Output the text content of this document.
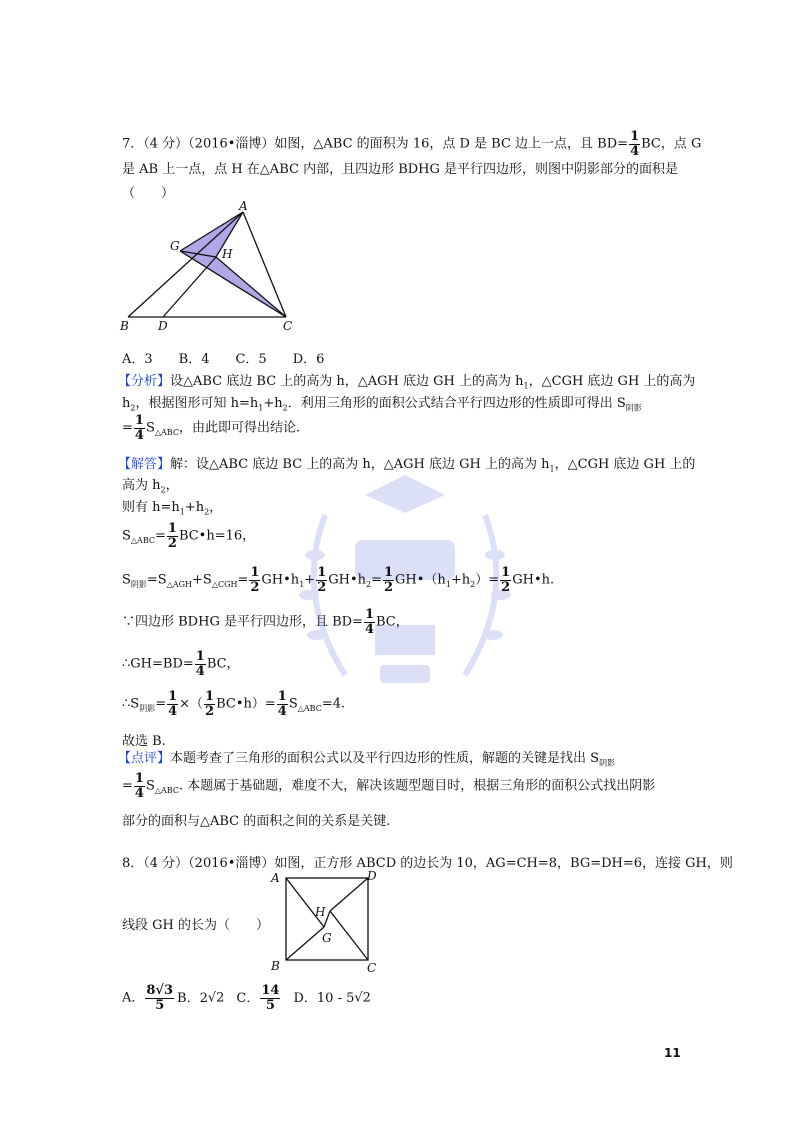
7．（4 分）（2016•淄博）如图，△ABC 的面积为 16，点 D 是 BC 边上一点，且 $BD= \frac{1}{4}$ BC，点 G
是 AB 上一点，点 H 在△ABC 内部，且四边形 BDHG 是平行四边形，则图中阴影部分的面积是
（　　）
A
G
H
B D	C
A．3　　B．4　　C．5　　D．6
【分析】设△ABC 底边 BC 上的高为 h，△AGH 底边 GH 上的高为 $h_1$，△CGH 底边 GH 上的高为
$h_2$，根据图形可知 $h=h_1+h_2$．利用三角形的面积公式结合平行四边形的性质即可得出 $S_{阴影}$
= $\frac{1}{4} S_{\triangle ABC}$，由此即可得出结论.
【解答】解：设△ABC 底边 BC 上的高为 h，△AGH 底边 GH 上的高为 $h_1$，△CGH 底边 GH 上的
高为 $h_2$，
则有 $h=h_1+h_2$，
$S_{\triangle ABC}= \frac{1}{2}$ BC•h=16，
$S_{阴影}=S_{\triangle AGH}+S_{\triangle CGH}= \frac{1}{2}$ $GH•h_1+ \frac{1}{2}$ $GH•h_2= \frac{1}{2}$ $GH•(h_1+h_2)= \frac{1}{2}$ GH•h.
∵四边形 BDHG 是平行四边形，且 $BD= \frac{1}{4}$ BC，
∴GH=BD= $\frac{1}{4}$ BC，
$\therefore S_{阴影}= \frac{1}{4}$ ×（ $\frac{1}{2}$ BC•h）= $\frac{1}{4} S_{\triangle ABC}=4$.
故选 B.
【点评】本题考查了三角形的面积公式以及平行四边形的性质，解题的关键是找出 $S_{阴影}$
= $\frac{1}{4} S_{\triangle ABC}$. 本题属于基础题，难度不大，解决该题型题目时，根据三角形的面积公式找出阴影
部分的面积与△ABC 的面积之间的关系是关键.
8．（4 分）（2016•淄博）如图，正方形 ABCD 的边长为 10，AG=CH=8，BG=DH=6，连接 GH，则
线段 GH 的长为（　　）
A	D
H
G
B	C
A． $\frac{8√3}{5}$ B．2√2 C． $\frac{14}{5}$ D．10 - 5√2
11
